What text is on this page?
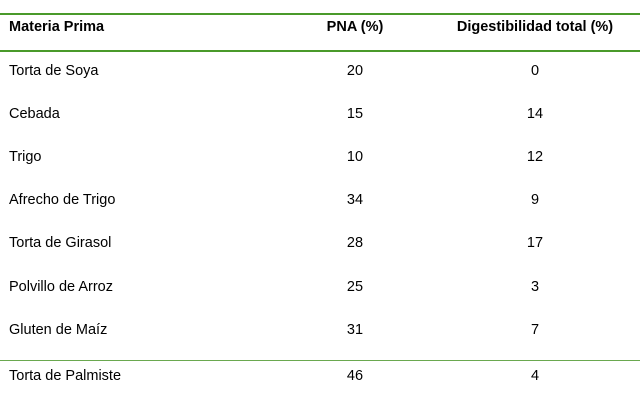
Materia Prima	PNA (%)	Digestibilidad total (%)
Torta de Soya	20	0
Cebada	15	14
Trigo	10	12
Afrecho de Trigo	34	9
Torta de Girasol	28	17
Polvillo de Arroz	25	3
Gluten de Maíz	31	7
Torta de Palmiste	46	4
